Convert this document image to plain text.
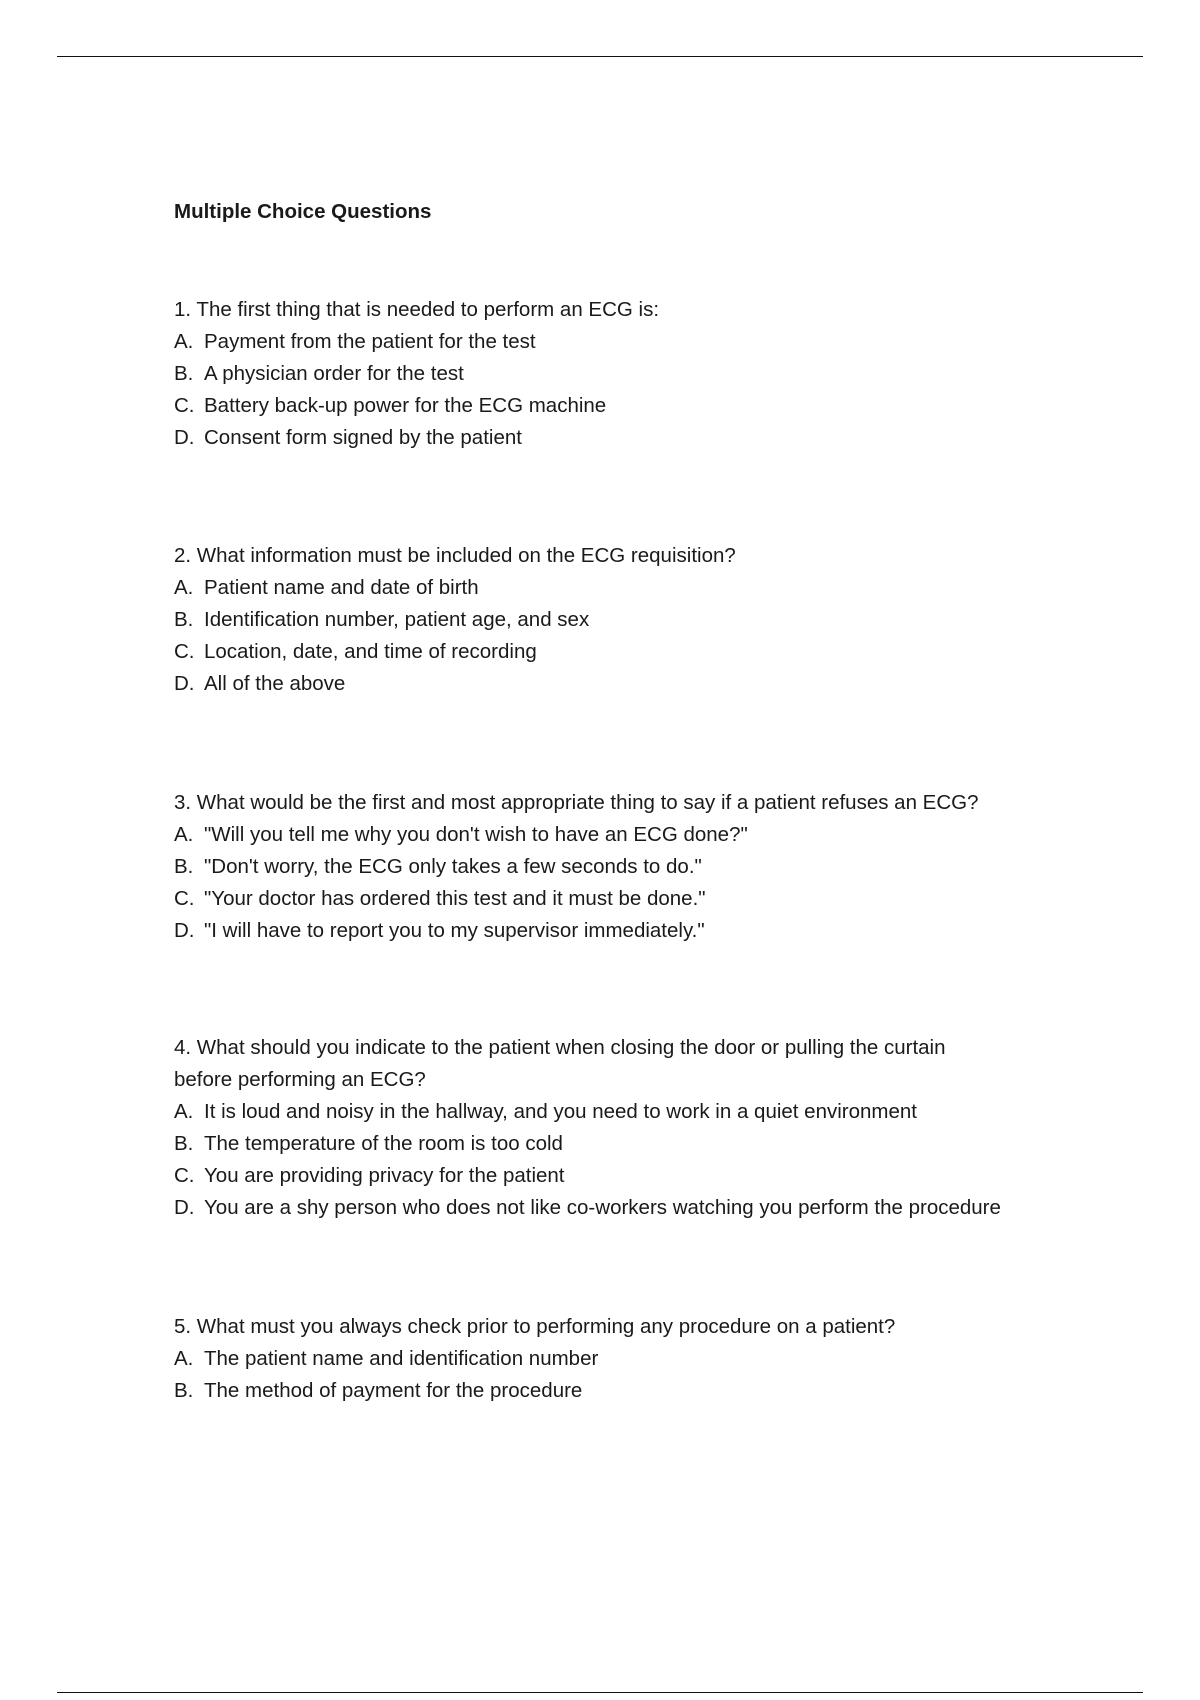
Multiple Choice Questions

1. The first thing that is needed to perform an ECG is:

A. Payment from the patient for the test
B. A physician order for the test
C. Battery back-up power for the ECG machine
D. Consent form signed by the patient

2. What information must be included on the ECG requisition?

A. Patient name and date of birth
B. Identification number, patient age, and sex
C. Location, date, and time of recording
D. All of the above

3. What would be the first and most appropriate thing to say if a patient refuses an ECG?

A. "Will you tell me why you don't wish to have an ECG done?"
B. "Don't worry, the ECG only takes a few seconds to do."
C. "Your doctor has ordered this test and it must be done."
D. "I will have to report you to my supervisor immediately."

4. What should you indicate to the patient when closing the door or pulling the curtain
before performing an ECG?

A. It is loud and noisy in the hallway, and you need to work in a quiet environment
B. The temperature of the room is too cold
C. You are providing privacy for the patient
D. You are a shy person who does not like co-workers watching you perform the procedure

5. What must you always check prior to performing any procedure on a patient?

A. The patient name and identification number
B. The method of payment for the procedure
